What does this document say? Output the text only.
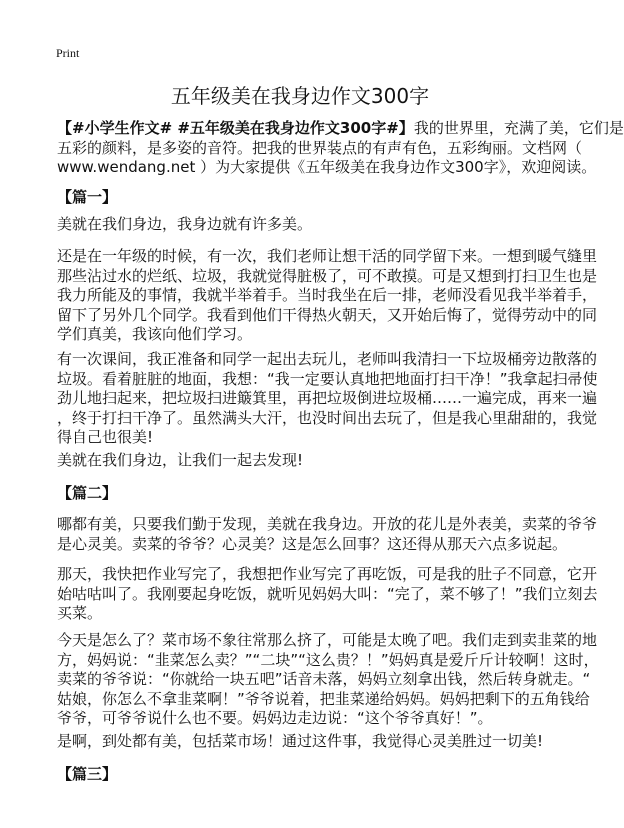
Print
五年级美在我身边作文300字
【#小学生作文# #五年级美在我身边作文300字#】我的世界里，充满了美，它们是
五彩的颜料，是多姿的音符。把我的世界装点的有声有色，五彩绚丽。文档网（
www.wendang.net ）为大家提供《五年级美在我身边作文300字》，欢迎阅读。
【篇一】
【篇二】
【篇三】
美就在我们身边，我身边就有许多美。
还是在一年级的时候，有一次，我们老师让想干活的同学留下来。一想到暖气缝里
那些沾过水的烂纸、垃圾，我就觉得脏极了，可不敢摸。可是又想到打扫卫生也是
我力所能及的事情，我就半举着手。当时我坐在后一排，老师没看见我半举着手，
留下了另外几个同学。我看到他们干得热火朝天，又开始后悔了，觉得劳动中的同
学们真美，我该向他们学习。
有一次课间，我正准备和同学一起出去玩儿，老师叫我清扫一下垃圾桶旁边散落的
垃圾。看着脏脏的地面，我想：“我一定要认真地把地面打扫干净！”我拿起扫帚使
劲儿地扫起来，把垃圾扫进簸箕里，再把垃圾倒进垃圾桶……一遍完成，再来一遍
，终于打扫干净了。虽然满头大汗，也没时间出去玩了，但是我心里甜甜的，我觉
得自己也很美!
美就在我们身边，让我们一起去发现!
哪都有美，只要我们勤于发现，美就在我身边。开放的花儿是外表美，卖菜的爷爷
是心灵美。卖菜的爷爷？心灵美？这是怎么回事？这还得从那天六点多说起。
那天，我快把作业写完了，我想把作业写完了再吃饭，可是我的肚子不同意，它开
始咕咕叫了。我刚要起身吃饭，就听见妈妈大叫：“完了，菜不够了！”我们立刻去
买菜。
今天是怎么了？菜市场不象往常那么挤了，可能是太晚了吧。我们走到卖韭菜的地
方，妈妈说：“韭菜怎么卖？”“二块”“这么贵？！”妈妈真是爱斤斤计较啊！这时，
卖菜的爷爷说：“你就给一块五吧”话音未落，妈妈立刻拿出钱，然后转身就走。“
姑娘，你怎么不拿韭菜啊！”爷爷说着，把韭菜递给妈妈。妈妈把剩下的五角钱给
爷爷，可爷爷说什么也不要。妈妈边走边说：“这个爷爷真好！”。
是啊，到处都有美，包括菜市场！通过这件事，我觉得心灵美胜过一切美!
